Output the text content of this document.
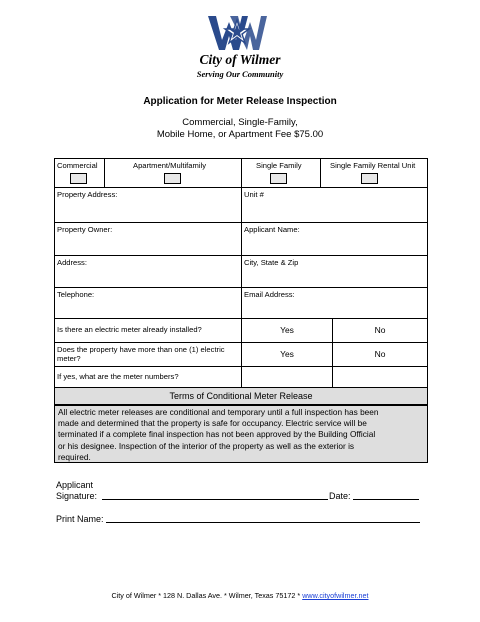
City of Wilmer
Serving Our Community
Application for Meter Release Inspection
Commercial, Single-Family,
Mobile Home, or Apartment Fee $75.00
Commercial	Apartment/Multifamily	Single Family	Single Family Rental Unit
Property Address:	Unit #
Property Owner:	Applicant Name:
Address:	City, State & Zip
Telephone:	Email Address:
Is there an electric meter already installed?	Yes	No
Does the property have more than one (1) electric
meter?	Yes	No
If yes, what are the meter numbers?
Terms of Conditional Meter Release
All electric meter releases are conditional and temporary until a full inspection has been
made and determined that the property is safe for occupancy. Electric service will be
terminated if a complete final inspection has not been approved by the Building Official
or his designee. Inspection of the interior of the property as well as the exterior is
required.
Applicant
Signature:	Date:
Print Name:
City of Wilmer * 128 N. Dallas Ave. * Wilmer, Texas 75172 * www.cityofwilmer.net
